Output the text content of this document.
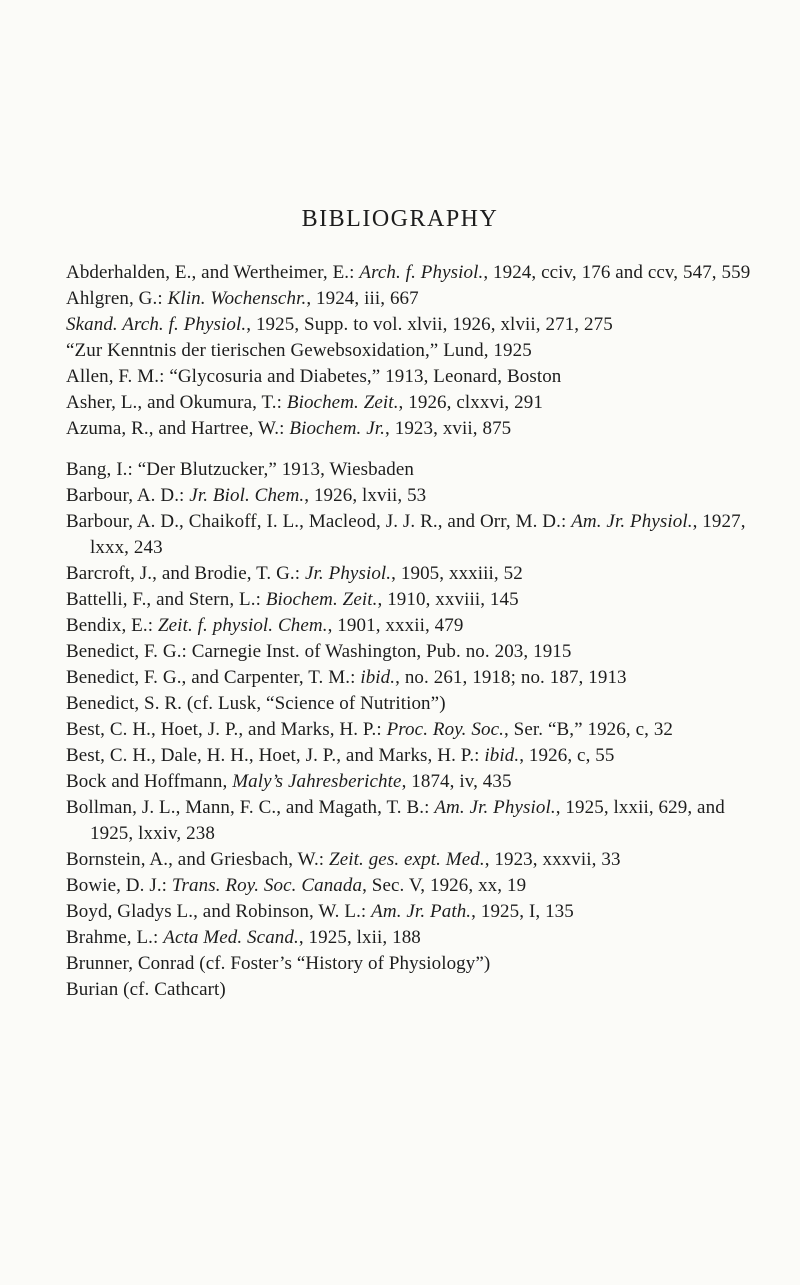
BIBLIOGRAPHY

Abderhalden, E., and Wertheimer, E.: Arch. f. Physiol., 1924, cciv, 176 and ccv, 547, 559

Ahlgren, G.: Klin. Wochenschr., 1924, iii, 667

Skand. Arch. f. Physiol., 1925, Supp. to vol. xlvii, 1926, xlvii, 271, 275

“Zur Kenntnis der tierischen Gewebsoxidation,” Lund, 1925

Allen, F. M.: “Glycosuria and Diabetes,” 1913, Leonard, Boston

Asher, L., and Okumura, T.: Biochem. Zeit., 1926, clxxvi, 291

Azuma, R., and Hartree, W.: Biochem. Jr., 1923, xvii, 875

Bang, I.: “Der Blutzucker,” 1913, Wiesbaden

Barbour, A. D.: Jr. Biol. Chem., 1926, lxvii, 53

Barbour, A. D., Chaikoff, I. L., Macleod, J. J. R., and Orr, M. D.: Am. Jr. Physiol., 1927, lxxx, 243

Barcroft, J., and Brodie, T. G.: Jr. Physiol., 1905, xxxiii, 52

Battelli, F., and Stern, L.: Biochem. Zeit., 1910, xxviii, 145

Bendix, E.: Zeit. f. physiol. Chem., 1901, xxxii, 479

Benedict, F. G.: Carnegie Inst. of Washington, Pub. no. 203, 1915

Benedict, F. G., and Carpenter, T. M.: ibid., no. 261, 1918; no. 187, 1913

Benedict, S. R. (cf. Lusk, “Science of Nutrition”)

Best, C. H., Hoet, J. P., and Marks, H. P.: Proc. Roy. Soc., Ser. “B,” 1926, c, 32

Best, C. H., Dale, H. H., Hoet, J. P., and Marks, H. P.: ibid., 1926, c, 55

Bock and Hoffmann, Maly’s Jahresberichte, 1874, iv, 435

Bollman, J. L., Mann, F. C., and Magath, T. B.: Am. Jr. Physiol., 1925, lxxii, 629, and 1925, lxxiv, 238

Bornstein, A., and Griesbach, W.: Zeit. ges. expt. Med., 1923, xxxvii, 33

Bowie, D. J.: Trans. Roy. Soc. Canada, Sec. V, 1926, xx, 19

Boyd, Gladys L., and Robinson, W. L.: Am. Jr. Path., 1925, I, 135

Brahme, L.: Acta Med. Scand., 1925, lxii, 188

Brunner, Conrad (cf. Foster’s “History of Physiology”)

Burian (cf. Cathcart)
